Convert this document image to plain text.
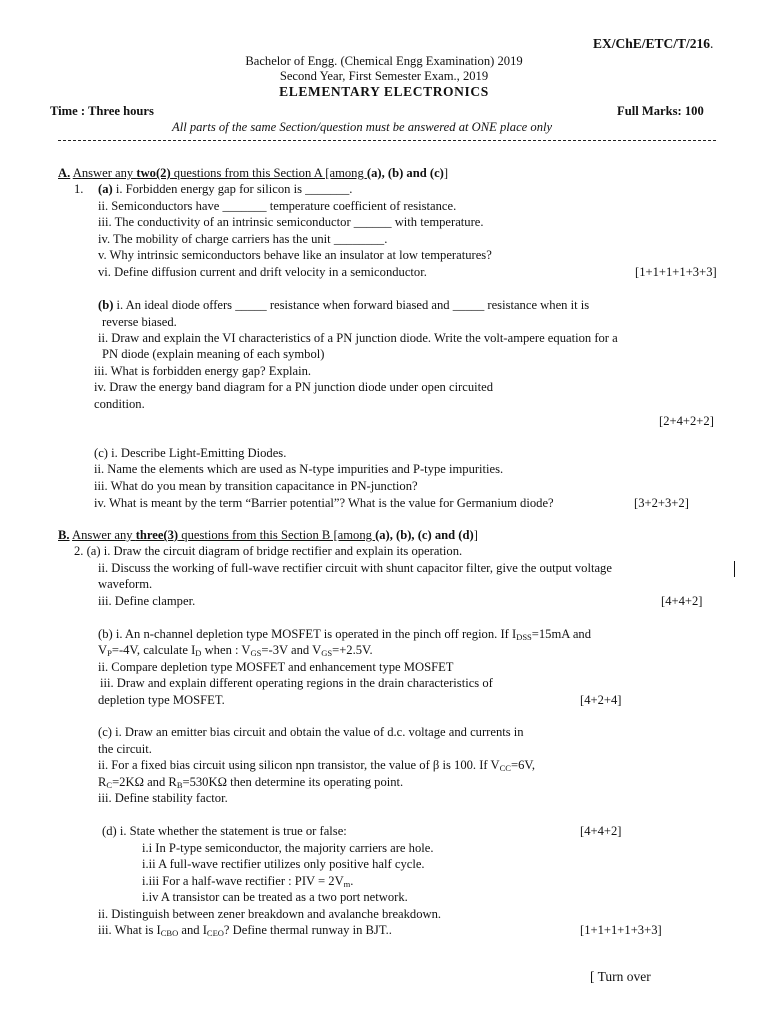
EX/ChE/ETC/T/216.
Bachelor of Engg. (Chemical Engg Examination) 2019
Second Year, First Semester Exam., 2019
ELEMENTARY ELECTRONICS
Time : Three hours	Full Marks: 100
All parts of the same Section/question must be answered at ONE place only
A. Answer any two(2) questions from this Section A [among (a), (b) and (c)]
1. (a) i. Forbidden energy gap for silicon is _______.
ii. Semiconductors have _______ temperature coefficient of resistance.
iii. The conductivity of an intrinsic semiconductor ______ with temperature.
iv. The mobility of charge carriers has the unit ________.
v. Why intrinsic semiconductors behave like an insulator at low temperatures?
vi. Define diffusion current and drift velocity in a semiconductor.	[1+1+1+1+3+3]
(b) i. An ideal diode offers _____ resistance when forward biased and _____ resistance when it is
reverse biased.
ii. Draw and explain the VI characteristics of a PN junction diode. Write the volt-ampere equation for a
PN diode (explain meaning of each symbol)
iii. What is forbidden energy gap? Explain.
iv. Draw the energy band diagram for a PN junction diode under open circuited
condition.
[2+4+2+2]
(c) i. Describe Light-Emitting Diodes.
ii. Name the elements which are used as N-type impurities and P-type impurities.
iii. What do you mean by transition capacitance in PN-junction?
iv. What is meant by the term “Barrier potential”? What is the value for Germanium diode?	[3+2+3+2]
B. Answer any three(3) questions from this Section B [among (a), (b), (c) and (d)]
2. (a) i. Draw the circuit diagram of bridge rectifier and explain its operation.
ii. Discuss the working of full-wave rectifier circuit with shunt capacitor filter, give the output voltage
waveform.
iii. Define clamper.	[4+4+2]
(b) i. An n-channel depletion type MOSFET is operated in the pinch off region. If $I_{DSS}=15mA$ and
$V_P=-4V$, calculate $I_D$ when : $V_{GS}=-3V$ and $V_{GS}=+2.5V$.
ii. Compare depletion type MOSFET and enhancement type MOSFET
iii. Draw and explain different operating regions in the drain characteristics of
depletion type MOSFET.	[4+2+4]
(c) i. Draw an emitter bias circuit and obtain the value of d.c. voltage and currents in
the circuit.
ii. For a fixed bias circuit using silicon npn transistor, the value of β is 100. If $V_{CC}=6V$,
$R_C=2K\Omega$ and $R_B=530K\Omega$ then determine its operating point.
iii. Define stability factor.
(d) i. State whether the statement is true or false:	[4+4+2]
i.i In P-type semiconductor, the majority carriers are hole.
i.ii A full-wave rectifier utilizes only positive half cycle.
i.iii For a half-wave rectifier : PIV = $2V_m$.
i.iv A transistor can be treated as a two port network.
ii. Distinguish between zener breakdown and avalanche breakdown.
iii. What is $I_{CBO}$ and $I_{CEO}$? Define thermal runway in BJT..	[1+1+1+1+3+3]
[ Turn over
